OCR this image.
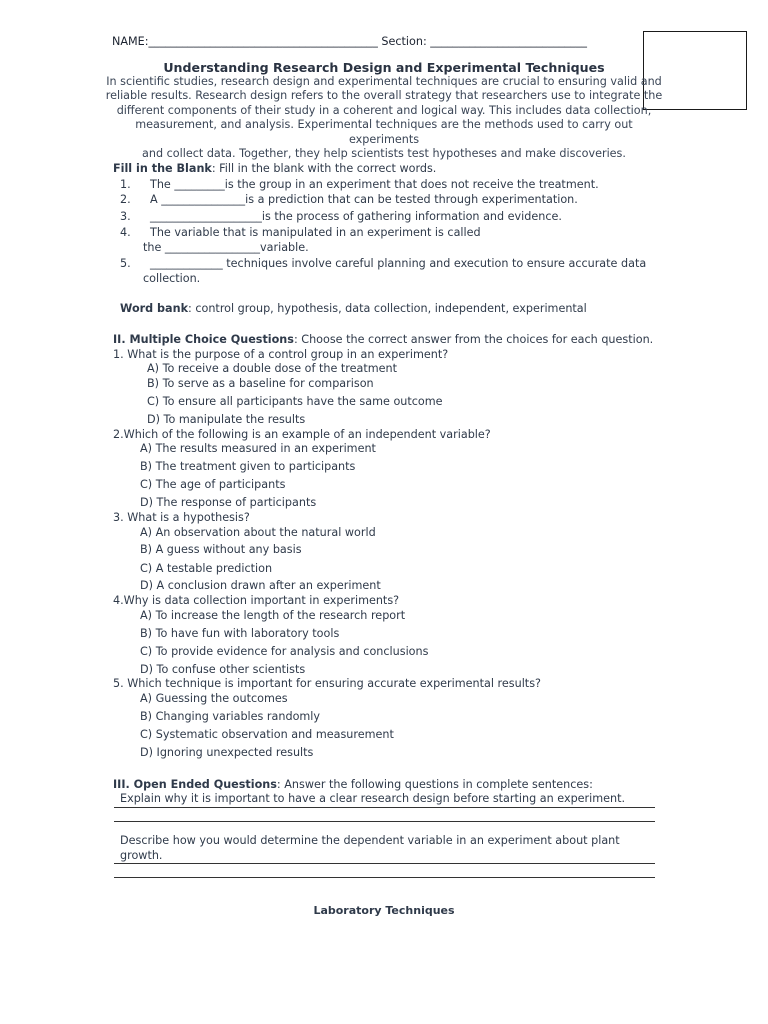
NAME:_________________________________________ Section: ____________________________
Understanding Research Design and Experimental Techniques
In scientific studies, research design and experimental techniques are crucial to ensuring valid and
reliable results. Research design refers to the overall strategy that researchers use to integrate the
different components of their study in a coherent and logical way. This includes data collection,
measurement, and analysis. Experimental techniques are the methods used to carry out experiments
and collect data. Together, they help scientists test hypotheses and make discoveries.
Fill in the Blank: Fill in the blank with the correct words.
1. The _________is the group in an experiment that does not receive the treatment.
2. A _______________is a prediction that can be tested through experimentation.
3. ____________________is the process of gathering information and evidence.
4. The variable that is manipulated in an experiment is called
the _________________variable.
5. _____________ techniques involve careful planning and execution to ensure accurate data
collection.
Word bank: control group, hypothesis, data collection, independent, experimental
II. Multiple Choice Questions: Choose the correct answer from the choices for each question.
1. What is the purpose of a control group in an experiment?
A) To receive a double dose of the treatment
B) To serve as a baseline for comparison
C) To ensure all participants have the same outcome
D) To manipulate the results
2.Which of the following is an example of an independent variable?
A) The results measured in an experiment
B) The treatment given to participants
C) The age of participants
D) The response of participants
3. What is a hypothesis?
A) An observation about the natural world
B) A guess without any basis
C) A testable prediction
D) A conclusion drawn after an experiment
4.Why is data collection important in experiments?
A) To increase the length of the research report
B) To have fun with laboratory tools
C) To provide evidence for analysis and conclusions
D) To confuse other scientists
5. Which technique is important for ensuring accurate experimental results?
A) Guessing the outcomes
B) Changing variables randomly
C) Systematic observation and measurement
D) Ignoring unexpected results
III. Open Ended Questions: Answer the following questions in complete sentences:
Explain why it is important to have a clear research design before starting an experiment.
Describe how you would determine the dependent variable in an experiment about plant
growth.
Laboratory Techniques
